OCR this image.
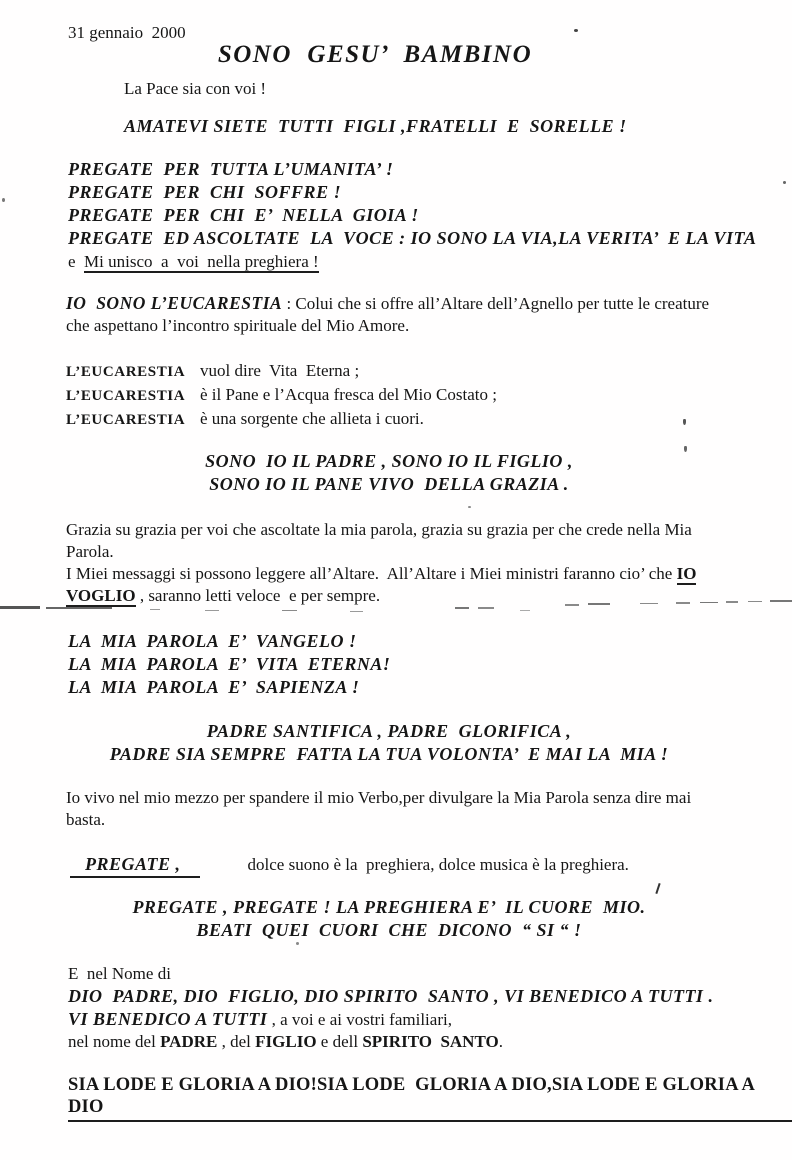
31 gennaio  2000
SONO  GESU’  BAMBINO
La Pace sia con voi !
AMATEVI SIETE  TUTTI  FIGLI ,FRATELLI  E  SORELLE !
PREGATE  PER  TUTTA L’UMANITA’ !
PREGATE  PER  CHI  SOFFRE !
PREGATE  PER  CHI  E’  NELLA  GIOIA !
PREGATE  ED ASCOLTATE  LA  VOCE : IO SONO LA VIA,LA VERITA’  E LA VITA
e  Mi unisco  a  voi  nella preghiera !
IO  SONO L’EUCARESTIA : Colui che si offre all’Altare dell’Agnello per tutte le creature
che aspettano l’incontro spirituale del Mio Amore.
L’EUCARESTIA vuol dire  Vita  Eterna ;
L’EUCARESTIA è il Pane e l’Acqua fresca del Mio Costato ;
L’EUCARESTIA è una sorgente che allieta i cuori.
SONO  IO IL PADRE , SONO IO IL FIGLIO ,
SONO IO IL PANE VIVO  DELLA GRAZIA .
Grazia su grazia per voi che ascoltate la mia parola, grazia su grazia per che crede nella Mia
Parola.
I Miei messaggi si possono leggere all’Altare.  All’Altare i Miei ministri faranno cio’ che IO
VOGLIO , saranno letti veloce  e per sempre.
LA  MIA  PAROLA  E’  VANGELO !
LA  MIA  PAROLA  E’  VITA  ETERNA!
LA  MIA  PAROLA  E’  SAPIENZA !
PADRE SANTIFICA , PADRE  GLORIFICA ,
PADRE SIA SEMPRE  FATTA LA TUA VOLONTA’  E MAI LA  MIA !
Io vivo nel mio mezzo per spandere il mio Verbo,per divulgare la Mia Parola senza dire mai
basta.
PREGATE ,	dolce suono è la  preghiera, dolce musica è la preghiera.
PREGATE , PREGATE ! LA PREGHIERA E’  IL CUORE  MIO.
BEATI  QUEI  CUORI  CHE  DICONO  “ SI “ !
E  nel Nome di
DIO  PADRE, DIO  FIGLIO, DIO SPIRITO  SANTO , VI BENEDICO A TUTTI .
VI BENEDICO A TUTTI , a voi e ai vostri familiari,
nel nome del PADRE , del FIGLIO e dell SPIRITO  SANTO.
SIA LODE E GLORIA A DIO!SIA LODE  GLORIA A DIO,SIA LODE E GLORIA A DIO
